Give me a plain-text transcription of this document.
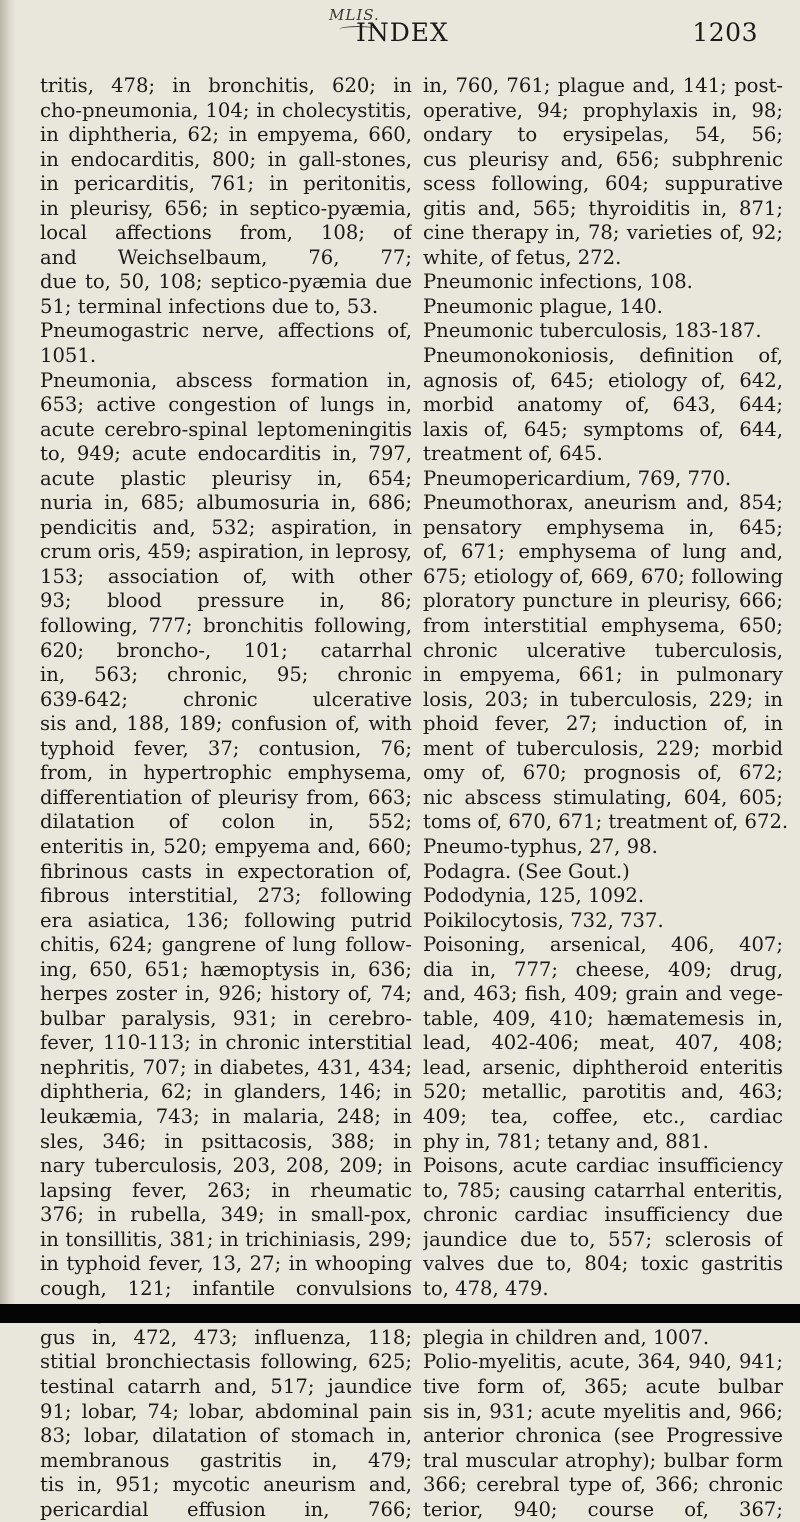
MLIS.
INDEX	1203
tritis, 478; in bronchitis, 620; in
cho-pneumonia, 104; in cholecystitis,
in diphtheria, 62; in empyema, 660,
in endocarditis, 800; in gall-stones,
in pericarditis, 761; in peritonitis,
in pleurisy, 656; in septico-pyæmia,
local affections from, 108; of
and Weichselbaum, 76, 77;
due to, 50, 108; septico-pyæmia due
51; terminal infections due to, 53.
Pneumogastric nerve, affections of,
1051.
Pneumonia, abscess formation in,
653; active congestion of lungs in,
acute cerebro-spinal leptomeningitis
to, 949; acute endocarditis in, 797,
acute plastic pleurisy in, 654;
nuria in, 685; albumosuria in, 686;
pendicitis and, 532; aspiration, in
crum oris, 459; aspiration, in leprosy,
153; association of, with other
93; blood pressure in, 86;
following, 777; bronchitis following,
620; broncho-, 101; catarrhal
in, 563; chronic, 95; chronic
639-642; chronic ulcerative
sis and, 188, 189; confusion of, with
typhoid fever, 37; contusion, 76;
from, in hypertrophic emphysema,
differentiation of pleurisy from, 663;
dilatation of colon in, 552;
enteritis in, 520; empyema and, 660;
fibrinous casts in expectoration of,
fibrous interstitial, 273; following
era asiatica, 136; following putrid
chitis, 624; gangrene of lung follow-
ing, 650, 651; hæmoptysis in, 636;
herpes zoster in, 926; history of, 74;
bulbar paralysis, 931; in cerebro-
fever, 110-113; in chronic interstitial
nephritis, 707; in diabetes, 431, 434;
diphtheria, 62; in glanders, 146; in
leukæmia, 743; in malaria, 248; in
sles, 346; in psittacosis, 388; in
nary tuberculosis, 203, 208, 209; in
lapsing fever, 263; in rheumatic
376; in rubella, 349; in small-pox,
in tonsillitis, 381; in trichiniasis, 299;
in typhoid fever, 13, 27; in whooping
cough, 121; infantile convulsions
gus in, 472, 473; influenza, 118;
stitial bronchiectasis following, 625;
testinal catarrh and, 517; jaundice
91; lobar, 74; lobar, abdominal pain
83; lobar, dilatation of stomach in,
membranous gastritis in, 479;
tis in, 951; mycotic aneurism and,
pericardial effusion in, 766;
in, 760, 761; plague and, 141; post-
operative, 94; prophylaxis in, 98;
ondary to erysipelas, 54, 56;
cus pleurisy and, 656; subphrenic
scess following, 604; suppurative
gitis and, 565; thyroiditis in, 871;
cine therapy in, 78; varieties of, 92;
white, of fetus, 272.
Pneumonic infections, 108.
Pneumonic plague, 140.
Pneumonic tuberculosis, 183-187.
Pneumonokoniosis, definition of,
agnosis of, 645; etiology of, 642,
morbid anatomy of, 643, 644;
laxis of, 645; symptoms of, 644,
treatment of, 645.
Pneumopericardium, 769, 770.
Pneumothorax, aneurism and, 854;
pensatory emphysema in, 645;
of, 671; emphysema of lung and,
675; etiology of, 669, 670; following
ploratory puncture in pleurisy, 666;
from interstitial emphysema, 650;
chronic ulcerative tuberculosis,
in empyema, 661; in pulmonary
losis, 203; in tuberculosis, 229; in
phoid fever, 27; induction of, in
ment of tuberculosis, 229; morbid
omy of, 670; prognosis of, 672;
nic abscess stimulating, 604, 605;
toms of, 670, 671; treatment of, 672.
Pneumo-typhus, 27, 98.
Podagra. (See Gout.)
Pododynia, 125, 1092.
Poikilocytosis, 732, 737.
Poisoning, arsenical, 406, 407;
dia in, 777; cheese, 409; drug,
and, 463; fish, 409; grain and vege-
table, 409, 410; hæmatemesis in,
lead, 402-406; meat, 407, 408;
lead, arsenic, diphtheroid enteritis
520; metallic, parotitis and, 463;
409; tea, coffee, etc., cardiac
phy in, 781; tetany and, 881.
Poisons, acute cardiac insufficiency
to, 785; causing catarrhal enteritis,
chronic cardiac insufficiency due
jaundice due to, 557; sclerosis of
valves due to, 804; toxic gastritis
to, 478, 479.
plegia in children and, 1007.
Polio-myelitis, acute, 364, 940, 941;
tive form of, 365; acute bulbar
sis in, 931; acute myelitis and, 966;
anterior chronica (see Progressive
tral muscular atrophy); bulbar form
366; cerebral type of, 366; chronic
terior, 940; course of, 367;
